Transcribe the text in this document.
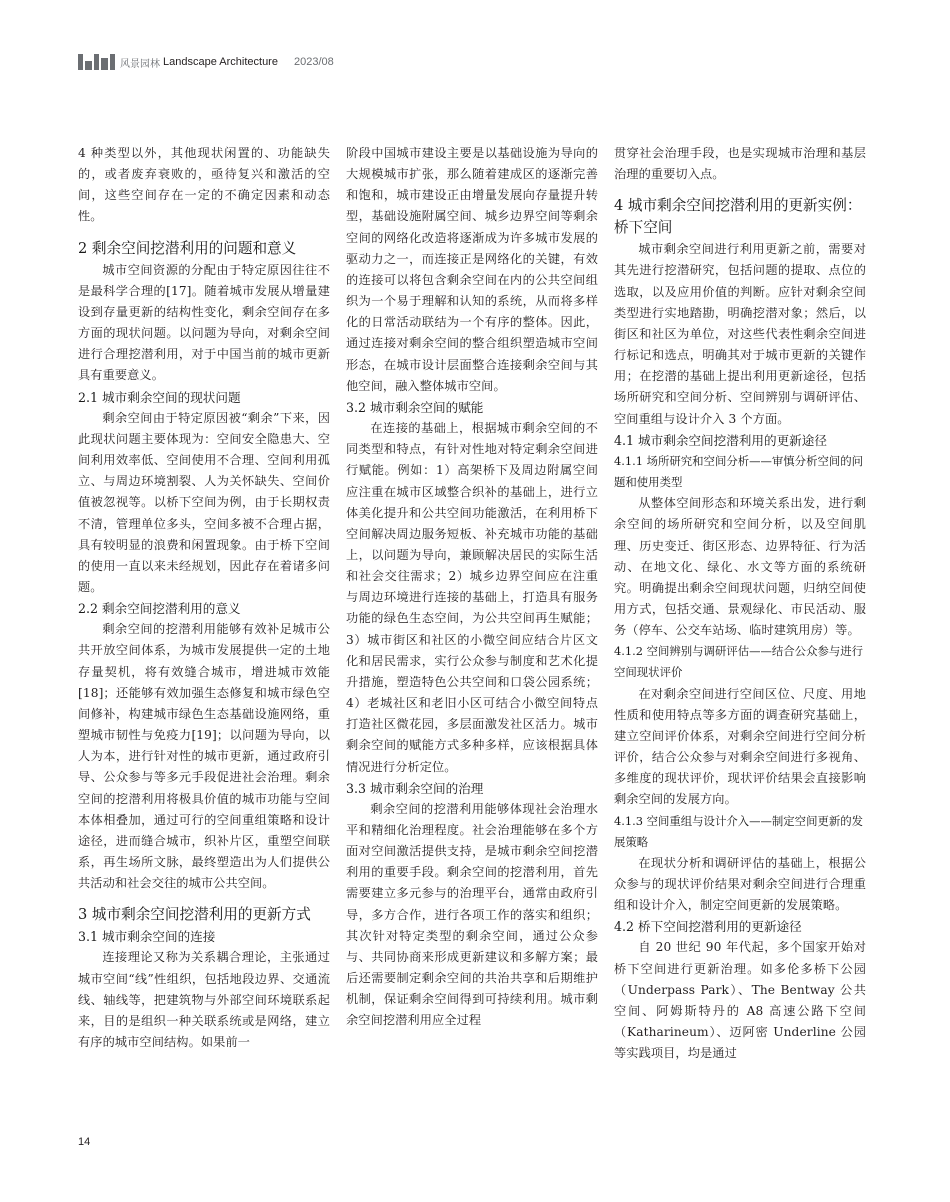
风景园林 Landscape Architecture 2023/08

4 种类型以外，其他现状闲置的、功能缺失的，或者废弃衰败的，亟待复兴和激活的空间，这些空间存在一定的不确定因素和动态性。

2 剩余空间挖潜利用的问题和意义

城市空间资源的分配由于特定原因往往不是最科学合理的[17]。随着城市发展从增量建设到存量更新的结构性变化，剩余空间存在多方面的现状问题。以问题为导向，对剩余空间进行合理挖潜利用，对于中国当前的城市更新具有重要意义。

2.1 城市剩余空间的现状问题

剩余空间由于特定原因被“剩余”下来，因此现状问题主要体现为：空间安全隐患大、空间利用效率低、空间使用不合理、空间利用孤立、与周边环境割裂、人为关怀缺失、空间价值被忽视等。以桥下空间为例，由于长期权责不清，管理单位多头，空间多被不合理占据，具有较明显的浪费和闲置现象。由于桥下空间的使用一直以来未经规划，因此存在着诸多问题。

2.2 剩余空间挖潜利用的意义

剩余空间的挖潜利用能够有效补足城市公共开放空间体系，为城市发展提供一定的土地存量契机，将有效缝合城市，增进城市效能[18]；还能够有效加强生态修复和城市绿色空间修补，构建城市绿色生态基础设施网络，重塑城市韧性与免疫力[19]；以问题为导向，以人为本，进行针对性的城市更新，通过政府引导、公众参与等多元手段促进社会治理。剩余空间的挖潜利用将极具价值的城市功能与空间本体相叠加，通过可行的空间重组策略和设计途径，进而缝合城市，织补片区，重塑空间联系，再生场所文脉，最终塑造出为人们提供公共活动和社会交往的城市公共空间。

3 城市剩余空间挖潜利用的更新方式
3.1 城市剩余空间的连接

连接理论又称为关系耦合理论，主张通过城市空间“线”性组织，包括地段边界、交通流线、轴线等，把建筑物与外部空间环境联系起来，目的是组织一种关联系统或是网络，建立有序的城市空间结构。如果前一

阶段中国城市建设主要是以基础设施为导向的大规模城市扩张，那么随着建成区的逐渐完善和饱和，城市建设正由增量发展向存量提升转型，基础设施附属空间、城乡边界空间等剩余空间的网络化改造将逐渐成为许多城市发展的驱动力之一，而连接正是网络化的关键，有效的连接可以将包含剩余空间在内的公共空间组织为一个易于理解和认知的系统，从而将多样化的日常活动联结为一个有序的整体。因此，通过连接对剩余空间的整合组织塑造城市空间形态，在城市设计层面整合连接剩余空间与其他空间，融入整体城市空间。

3.2 城市剩余空间的赋能

在连接的基础上，根据城市剩余空间的不同类型和特点，有针对性地对特定剩余空间进行赋能。例如：1）高架桥下及周边附属空间应注重在城市区域整合织补的基础上，进行立体美化提升和公共空间功能激活，在利用桥下空间解决周边服务短板、补充城市功能的基础上，以问题为导向，兼顾解决居民的实际生活和社会交往需求；2）城乡边界空间应在注重与周边环境进行连接的基础上，打造具有服务功能的绿色生态空间，为公共空间再生赋能；3）城市街区和社区的小微空间应结合片区文化和居民需求，实行公众参与制度和艺术化提升措施，塑造特色公共空间和口袋公园系统；4）老城社区和老旧小区可结合小微空间特点打造社区微花园，多层面激发社区活力。城市剩余空间的赋能方式多种多样，应该根据具体情况进行分析定位。

3.3 城市剩余空间的治理

剩余空间的挖潜利用能够体现社会治理水平和精细化治理程度。社会治理能够在多个方面对空间激活提供支持，是城市剩余空间挖潜利用的重要手段。剩余空间的挖潜利用，首先需要建立多元参与的治理平台，通常由政府引导，多方合作，进行各项工作的落实和组织；其次针对特定类型的剩余空间，通过公众参与、共同协商来形成更新建议和多解方案；最后还需要制定剩余空间的共治共享和后期维护机制，保证剩余空间得到可持续利用。城市剩余空间挖潜利用应全过程

贯穿社会治理手段，也是实现城市治理和基层治理的重要切入点。

4 城市剩余空间挖潜利用的更新实例：桥下空间

城市剩余空间进行利用更新之前，需要对其先进行挖潜研究，包括问题的提取、点位的选取，以及应用价值的判断。应针对剩余空间类型进行实地踏勘，明确挖潜对象；然后，以街区和社区为单位，对这些代表性剩余空间进行标记和选点，明确其对于城市更新的关键作用；在挖潜的基础上提出利用更新途径，包括场所研究和空间分析、空间辨别与调研评估、空间重组与设计介入 3 个方面。

4.1 城市剩余空间挖潜利用的更新途径

4.1.1 场所研究和空间分析——审慎分析空间的问题和使用类型

从整体空间形态和环境关系出发，进行剩余空间的场所研究和空间分析，以及空间肌理、历史变迁、街区形态、边界特征、行为活动、在地文化、绿化、水文等方面的系统研究。明确提出剩余空间现状问题，归纳空间使用方式，包括交通、景观绿化、市民活动、服务（停车、公交车站场、临时建筑用房）等。

4.1.2 空间辨别与调研评估——结合公众参与进行空间现状评价

在对剩余空间进行空间区位、尺度、用地性质和使用特点等多方面的调查研究基础上，建立空间评价体系，对剩余空间进行空间分析评价，结合公众参与对剩余空间进行多视角、多维度的现状评价，现状评价结果会直接影响剩余空间的发展方向。

4.1.3 空间重组与设计介入——制定空间更新的发展策略

在现状分析和调研评估的基础上，根据公众参与的现状评价结果对剩余空间进行合理重组和设计介入，制定空间更新的发展策略。

4.2 桥下空间挖潜利用的更新途径

自 20 世纪 90 年代起，多个国家开始对桥下空间进行更新治理。如多伦多桥下公园（Underpass Park）、The Bentway 公共空间、阿姆斯特丹的 A8 高速公路下空间（Katharineum）、迈阿密 Underline 公园等实践项目，均是通过

14
